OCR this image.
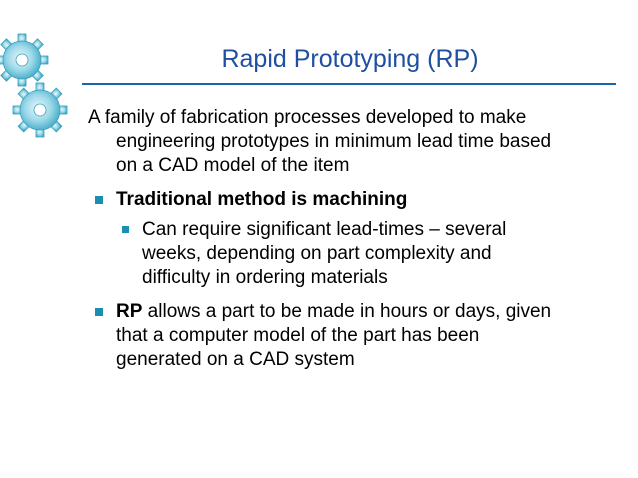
Rapid Prototyping (RP)
A family of fabrication processes developed to make
engineering prototypes in minimum lead time based
on a CAD model of the item
Traditional method is machining
Can require significant lead-times – several
weeks, depending on part complexity and
difficulty in ordering materials
RP allows a part to be made in hours or days, given
that a computer model of the part has been
generated on a CAD system
